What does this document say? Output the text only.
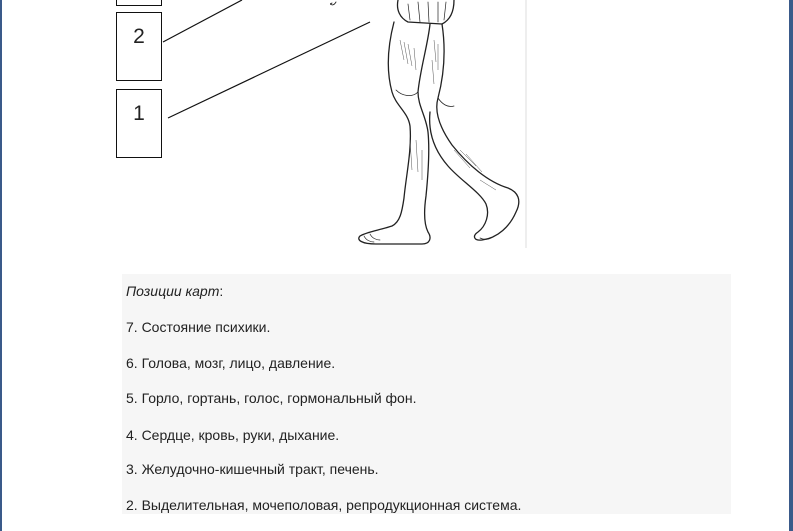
2
1
Позиции карт:
7. Состояние психики.
6. Голова, мозг, лицо, давление.
5. Горло, гортань, голос, гормональный фон.
4. Сердце, кровь, руки, дыхание.
3. Желудочно-кишечный тракт, печень.
2. Выделительная, мочеполовая, репродукционная система.
